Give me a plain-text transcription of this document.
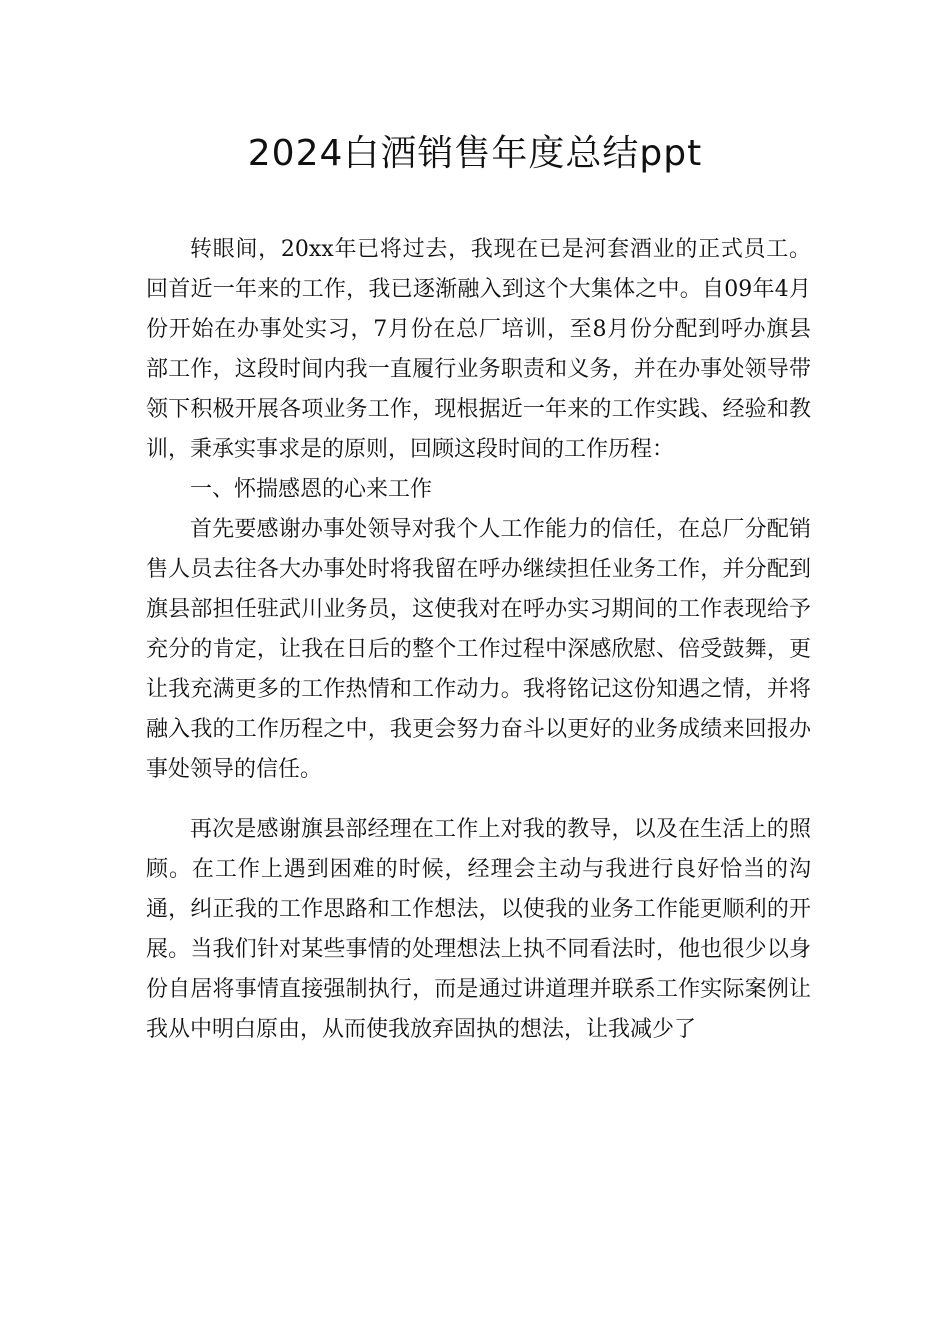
2024白酒销售年度总结ppt

转眼间，20xx年已将过去，我现在已是河套酒业的正式员工。回首近一年来的工作，我已逐渐融入到这个大集体之中。自09年4月份开始在办事处实习，7月份在总厂培训，至8月份分配到呼办旗县部工作，这段时间内我一直履行业务职责和义务，并在办事处领导带领下积极开展各项业务工作，现根据近一年来的工作实践、经验和教训，秉承实事求是的原则，回顾这段时间的工作历程：

一、怀揣感恩的心来工作

首先要感谢办事处领导对我个人工作能力的信任，在总厂分配销售人员去往各大办事处时将我留在呼办继续担任业务工作，并分配到旗县部担任驻武川业务员，这使我对在呼办实习期间的工作表现给予充分的肯定，让我在日后的整个工作过程中深感欣慰、倍受鼓舞，更让我充满更多的工作热情和工作动力。我将铭记这份知遇之情，并将融入我的工作历程之中，我更会努力奋斗以更好的业务成绩来回报办事处领导的信任。

再次是感谢旗县部经理在工作上对我的教导，以及在生活上的照顾。在工作上遇到困难的时候，经理会主动与我进行良好恰当的沟通，纠正我的工作思路和工作想法，以使我的业务工作能更顺利的开展。当我们针对某些事情的处理想法上执不同看法时，他也很少以身份自居将事情直接强制执行，而是通过讲道理并联系工作实际案例让我从中明白原由，从而使我放弃固执的想法，让我减少了
